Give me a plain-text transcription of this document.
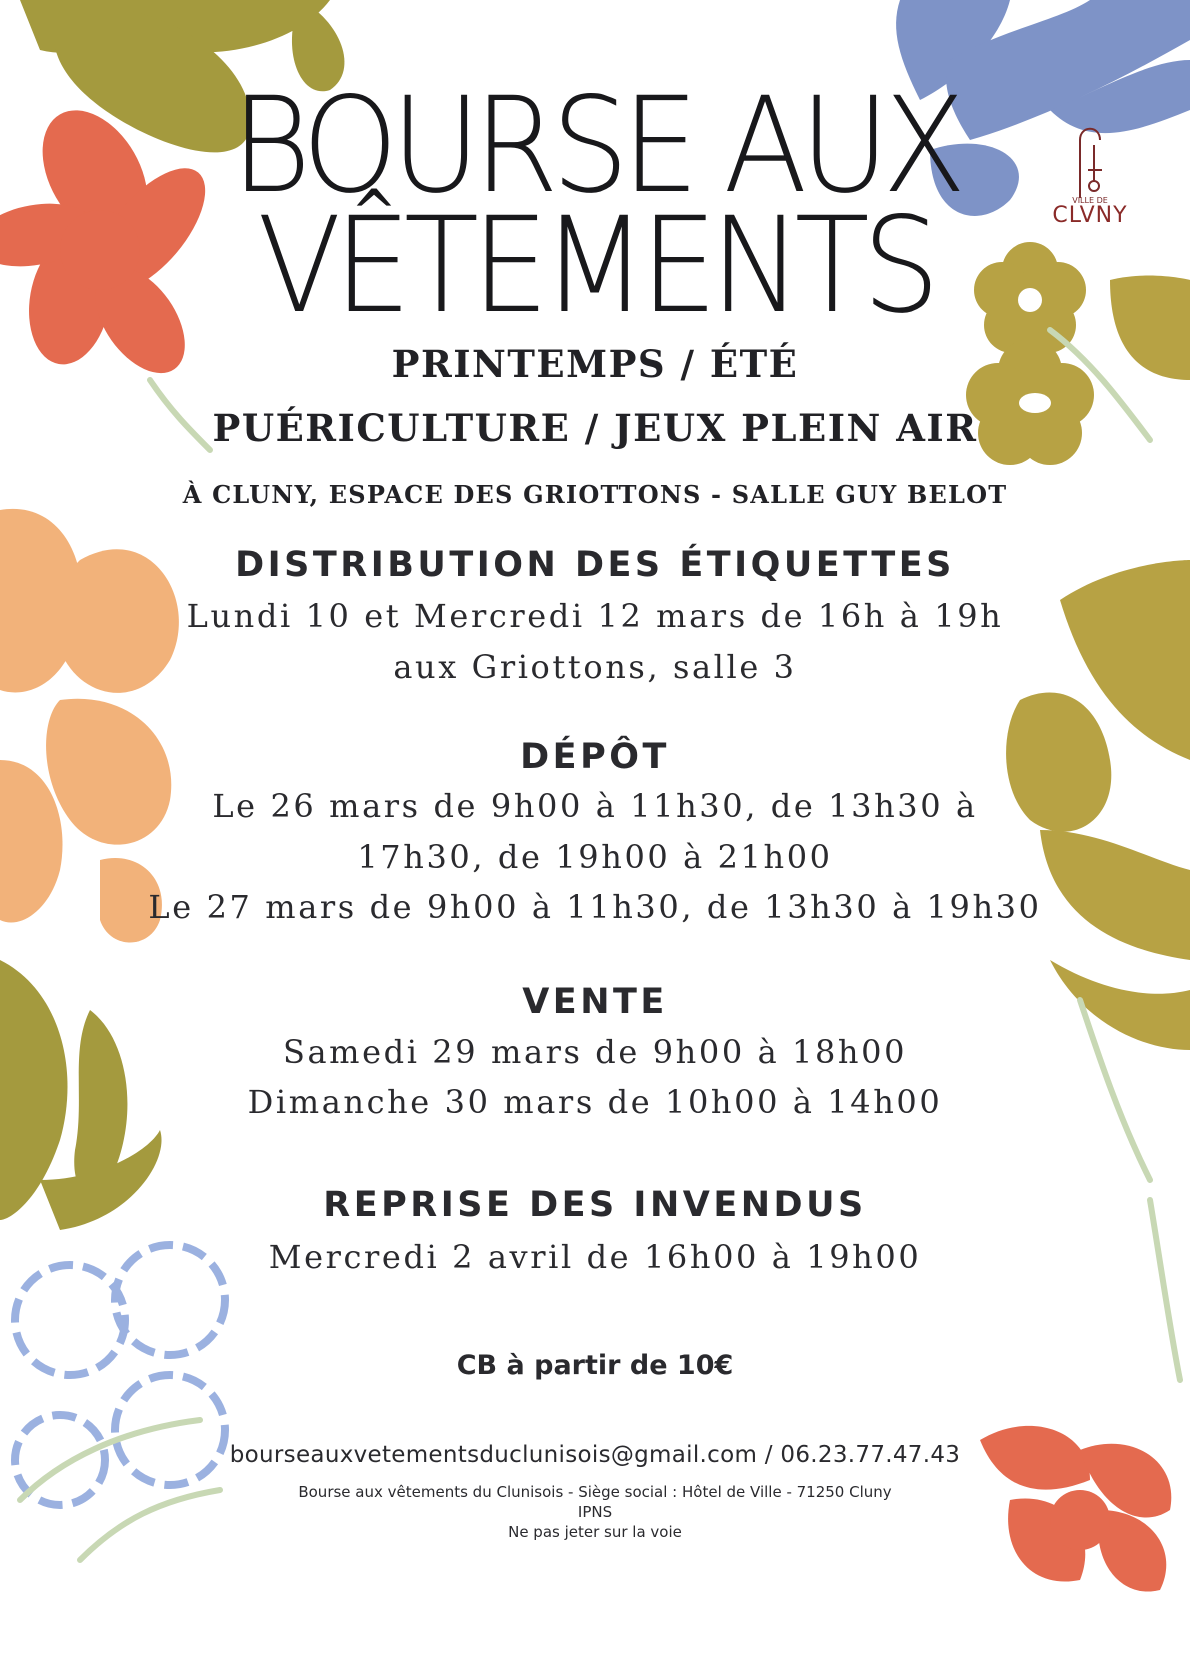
VILLE DE
CLVNY
BOURSE AUX
VÊTEMENTS
PRINTEMPS / ÉTÉ
PUÉRICULTURE / JEUX PLEIN AIR
À CLUNY, ESPACE DES GRIOTTONS - SALLE GUY BELOT
DISTRIBUTION DES ÉTIQUETTES
Lundi 10 et Mercredi 12 mars de 16h à 19h
aux Griottons, salle 3
DÉPÔT
Le 26 mars de 9h00 à 11h30, de 13h30 à
17h30, de 19h00 à 21h00
Le 27 mars de 9h00 à 11h30, de 13h30 à 19h30
VENTE
Samedi 29 mars de 9h00 à 18h00
Dimanche 30 mars de 10h00 à 14h00
REPRISE DES INVENDUS
Mercredi 2 avril de 16h00 à 19h00
CB à partir de 10€
bourseauxvetementsduclunisois@gmail.com / 06.23.77.47.43
Bourse aux vêtements du Clunisois - Siège social : Hôtel de Ville - 71250 Cluny
IPNS
Ne pas jeter sur la voie
